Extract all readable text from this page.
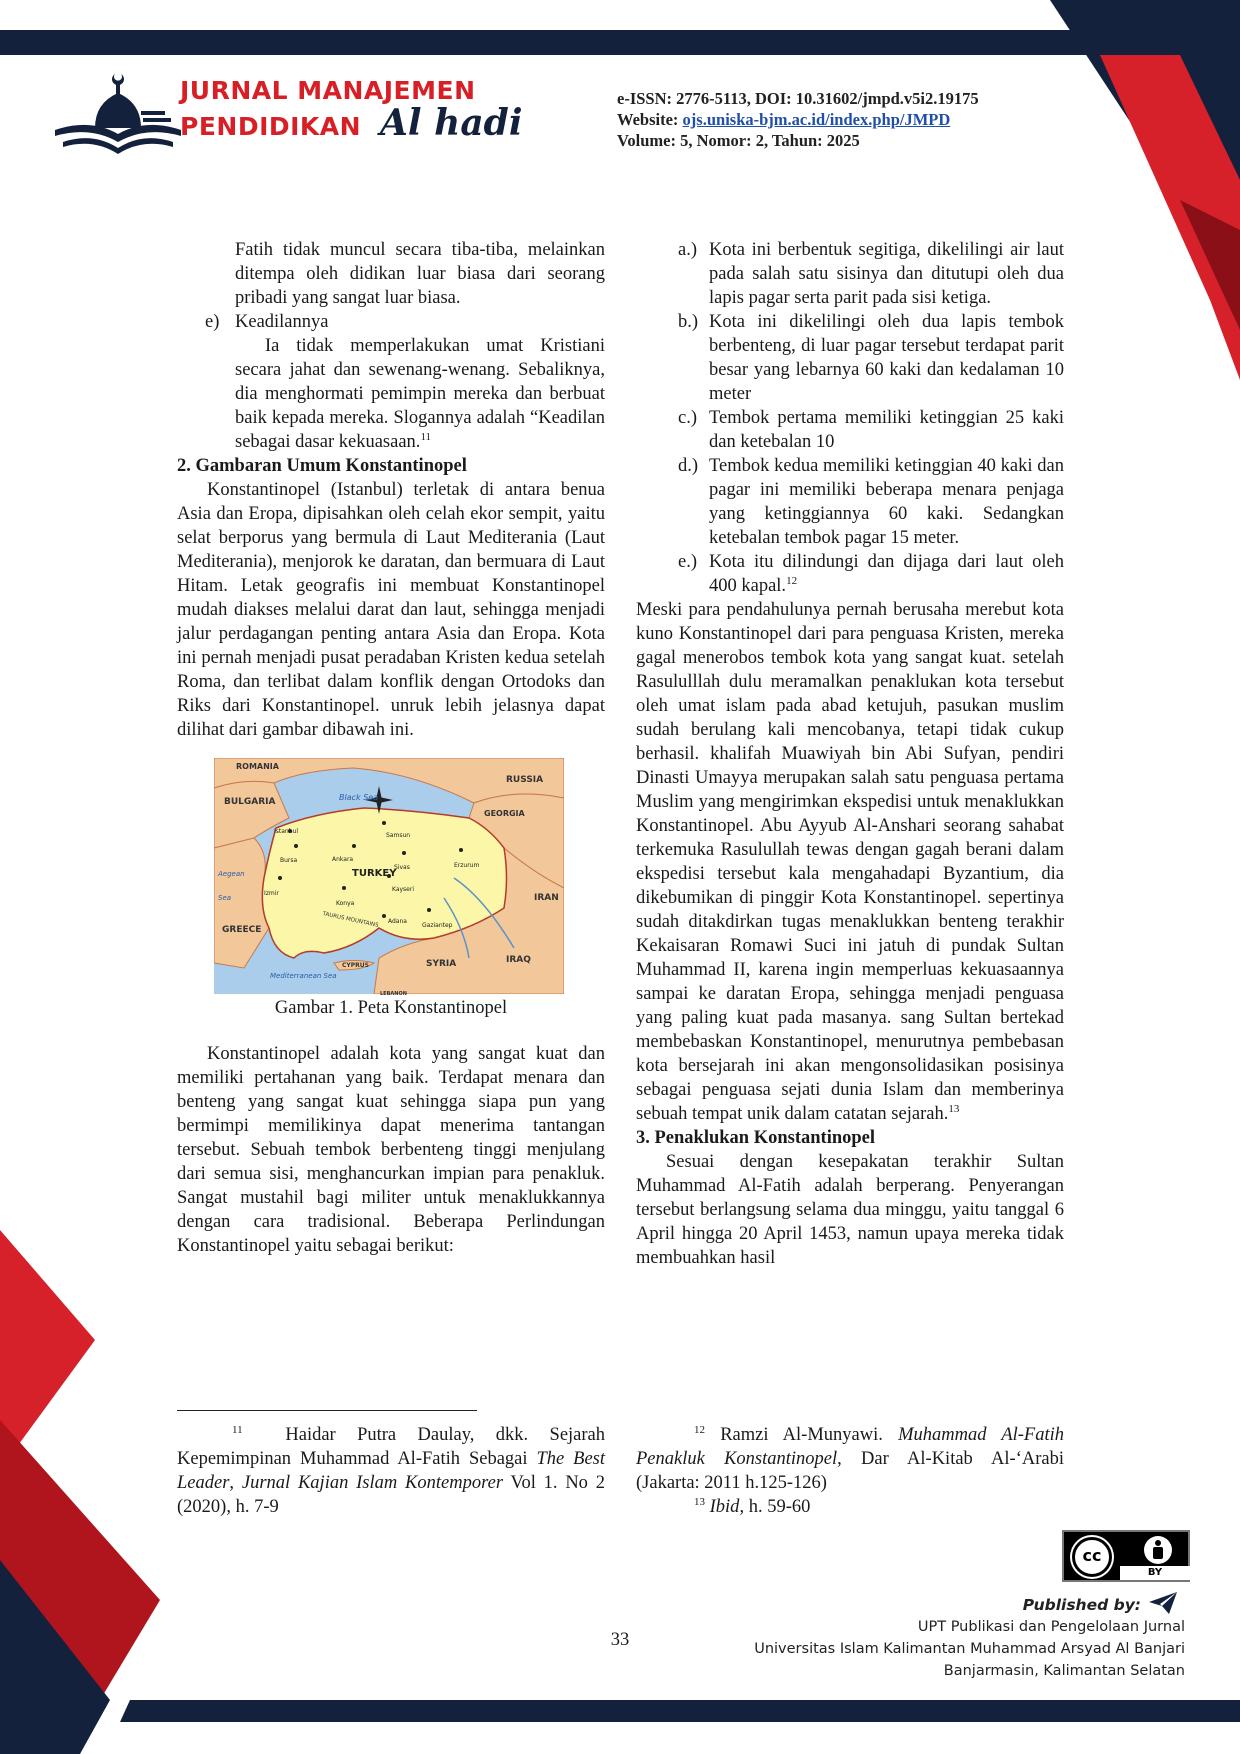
JURNAL MANAJEMEN
PENDIDIKAN Al hadi
e-ISSN: 2776-5113, DOI: 10.31602/jmpd.v5i2.19175
Website: ojs.uniska-bjm.ac.id/index.php/JMPD
Volume: 5, Nomor: 2, Tahun: 2025

Fatih tidak muncul secara tiba-tiba, melainkan ditempa oleh didikan luar biasa dari seorang pribadi yang sangat luar biasa.

e) Keadilannya

Ia tidak memperlakukan umat Kristiani secara jahat dan sewenang-wenang. Sebaliknya, dia menghormati pemimpin mereka dan berbuat baik kepada mereka. Slogannya adalah “Keadilan sebagai dasar kekuasaan.$^{11}$

2. Gambaran Umum Konstantinopel

Konstantinopel (Istanbul) terletak di antara benua Asia dan Eropa, dipisahkan oleh celah ekor sempit, yaitu selat berporus yang bermula di Laut Mediterania (Laut Mediterania), menjorok ke daratan, dan bermuara di Laut Hitam. Letak geografis ini membuat Konstantinopel mudah diakses melalui darat dan laut, sehingga menjadi jalur perdagangan penting antara Asia dan Eropa. Kota ini pernah menjadi pusat peradaban Kristen kedua setelah Roma, dan terlibat dalam konflik dengan Ortodoks dan Riks dari Konstantinopel. unruk lebih jelasnya dapat dilihat dari gambar dibawah ini.

ROMANIA
BULGARIA	Black Sea
RUSSIA
GEORGIA
Istanbul
Bursa	Ankara
Samsun
Sivas	Erzurum
TURKEY
Kayseri
Aegean Sea
Izmir
Konya
TAURUS MOUNTAINS	Adana
Gaziantep
IRAN
GREECE
CYPRUS	SYRIA	IRAQ
Mediterranean Sea
LEBANON

Gambar 1. Peta Konstantinopel

Konstantinopel adalah kota yang sangat kuat dan memiliki pertahanan yang baik. Terdapat menara dan benteng yang sangat kuat sehingga siapa pun yang bermimpi memilikinya dapat menerima tantangan tersebut. Sebuah tembok berbenteng tinggi menjulang dari semua sisi, menghancurkan impian para penakluk. Sangat mustahil bagi militer untuk menaklukkannya dengan cara tradisional. Beberapa Perlindungan Konstantinopel yaitu sebagai berikut:

a.) Kota ini berbentuk segitiga, dikelilingi air laut pada salah satu sisinya dan ditutupi oleh dua lapis pagar serta parit pada sisi ketiga.
b.) Kota ini dikelilingi oleh dua lapis tembok berbenteng, di luar pagar tersebut terdapat parit besar yang lebarnya 60 kaki dan kedalaman 10 meter
c.) Tembok pertama memiliki ketinggian 25 kaki dan ketebalan 10
d.) Tembok kedua memiliki ketinggian 40 kaki dan pagar ini memiliki beberapa menara penjaga yang ketinggiannya 60 kaki. Sedangkan ketebalan tembok pagar 15 meter.
e.) Kota itu dilindungi dan dijaga dari laut oleh 400 kapal.$^{12}$

Meski para pendahulunya pernah berusaha merebut kota kuno Konstantinopel dari para penguasa Kristen, mereka gagal menerobos tembok kota yang sangat kuat. setelah Rasululllah dulu meramalkan penaklukan kota tersebut oleh umat islam pada abad ketujuh, pasukan muslim sudah berulang kali mencobanya, tetapi tidak cukup berhasil. khalifah Muawiyah bin Abi Sufyan, pendiri Dinasti Umayya merupakan salah satu penguasa pertama Muslim yang mengirimkan ekspedisi untuk menaklukkan Konstantinopel. Abu Ayyub Al-Anshari seorang sahabat terkemuka Rasulullah tewas dengan gagah berani dalam ekspedisi tersebut kala mengahadapi Byzantium, dia dikebumikan di pinggir Kota Konstantinopel. sepertinya sudah ditakdirkan tugas menaklukkan benteng terakhir Kekaisaran Romawi Suci ini jatuh di pundak Sultan Muhammad II, karena ingin memperluas kekuasaannya sampai ke daratan Eropa, sehingga menjadi penguasa yang paling kuat pada masanya. sang Sultan bertekad membebaskan Konstantinopel, menurutnya pembebasan kota bersejarah ini akan mengonsolidasikan posisinya sebagai penguasa sejati dunia Islam dan memberinya sebuah tempat unik dalam catatan sejarah.$^{13}$

3. Penaklukan Konstantinopel

Sesuai dengan kesepakatan terakhir Sultan Muhammad Al-Fatih adalah berperang. Penyerangan tersebut berlangsung selama dua minggu, yaitu tanggal 6 April hingga 20 April 1453, namun upaya mereka tidak membuahkan hasil

$^{11}$ Haidar Putra Daulay, dkk. Sejarah Kepemimpinan Muhammad Al-Fatih Sebagai The Best Leader, Jurnal Kajian Islam Kontemporer Vol 1. No 2 (2020), h. 7-9
$^{12}$ Ramzi Al-Munyawi. Muhammad Al-Fatih Penakluk Konstantinopel, Dar Al-Kitab Al-‘Arabi (Jakarta: 2011 h.125-126)
$^{13}$ Ibid, h. 59-60
cc
BY
33
Published by:
UPT Publikasi dan Pengelolaan Jurnal
Universitas Islam Kalimantan Muhammad Arsyad Al Banjari
Banjarmasin, Kalimantan Selatan
